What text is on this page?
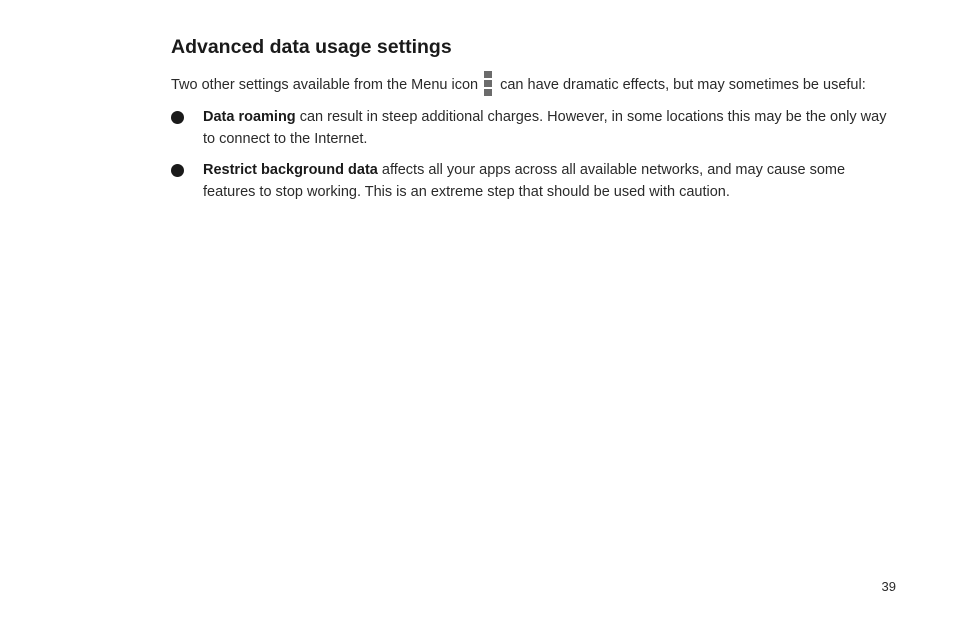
Advanced data usage settings

Two other settings available from the Menu icon can have dramatic effects, but may sometimes be useful:

Data roaming can result in steep additional charges. However, in some locations this may be the only way to connect to the Internet.
Restrict background data affects all your apps across all available networks, and may cause some features to stop working. This is an extreme step that should be used with caution.
39
